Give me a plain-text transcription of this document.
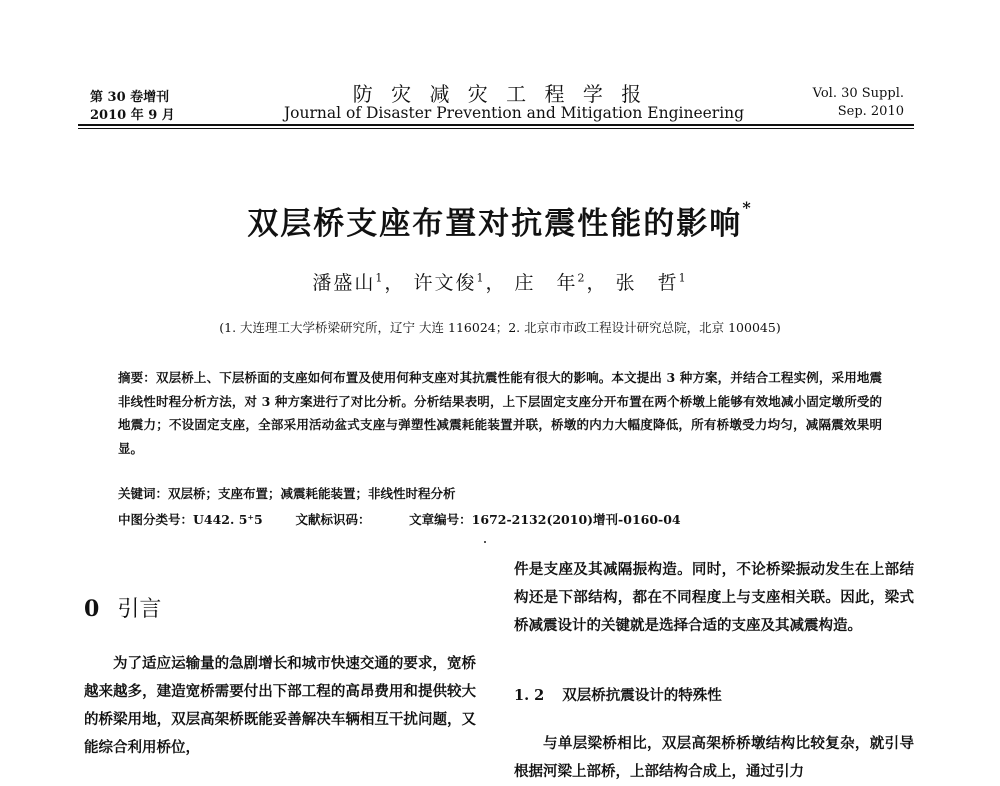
第 30 卷增刊
2010 年 9 月
防 灾 减 灾 工 程 学 报
Journal of Disaster Prevention and Mitigation Engineering
Vol. 30 Suppl.
Sep. 2010
双层桥支座布置对抗震性能的影响*
潘盛山$^1$， 许文俊$^1$， 庄　年$^2$， 张　哲$^1$
(1. 大连理工大学桥梁研究所，辽宁 大连 116024；2. 北京市市政工程设计研究总院，北京 100045)
摘要：双层桥上、下层桥面的支座如何布置及使用何种支座对其抗震性能有很大的影响。本文提出 3 种方案，并结合工程实例，采用地震非线性时程分析方法，对 3 种方案进行了对比分析。分析结果表明，上下层固定支座分开布置在两个桥墩上能够有效地减小固定墩所受的地震力；不设固定支座，全部采用活动盆式支座与弹塑性减震耗能装置并联，桥墩的内力大幅度降低，所有桥墩受力均匀，减隔震效果明显。
关键词：双层桥；支座布置；减震耗能装置；非线性时程分析
中图分类号：U442. 5⁺5	文献标识码：	文章编号：1672-2132(2010)增刊-0160-04
0 引言
为了适应运输量的急剧增长和城市快速交通的要求，宽桥越来越多，建造宽桥需要付出下部工程的高昂费用和提供较大的桥梁用地，双层高架桥既能妥善解决车辆相互干扰问题，又能综合利用桥位，
件是支座及其减隔振构造。同时，不论桥梁振动发生在上部结构还是下部结构，都在不同程度上与支座相关联。因此，梁式桥减震设计的关键就是选择合适的支座及其减震构造。
1. 2 双层桥抗震设计的特殊性
与单层梁桥相比，双层高架桥桥墩结构比较复杂，就引导根据河梁上部桥，上部结构合成上，通过引力
